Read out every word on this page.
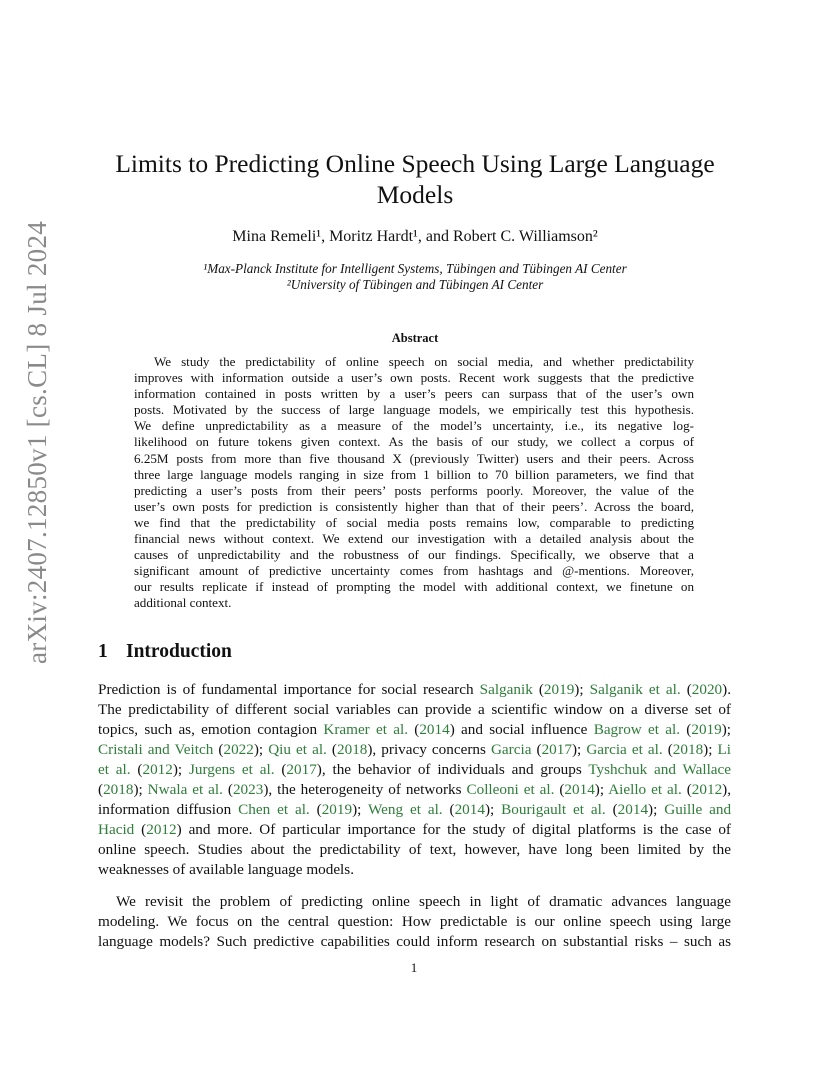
arXiv:2407.12850v1 [cs.CL] 8 Jul 2024
Limits to Predicting Online Speech Using Large Language
Models
Mina Remeli¹, Moritz Hardt¹, and Robert C. Williamson²
¹Max-Planck Institute for Intelligent Systems, Tübingen and Tübingen AI Center
²University of Tübingen and Tübingen AI Center
Abstract
We study the predictability of online speech on social media, and whether predictability
improves with information outside a user’s own posts. Recent work suggests that the predictive
information contained in posts written by a user’s peers can surpass that of the user’s own
posts. Motivated by the success of large language models, we empirically test this hypothesis.
We define unpredictability as a measure of the model’s uncertainty, i.e., its negative log-
likelihood on future tokens given context. As the basis of our study, we collect a corpus of
6.25M posts from more than five thousand X (previously Twitter) users and their peers. Across
three large language models ranging in size from 1 billion to 70 billion parameters, we find that
predicting a user’s posts from their peers’ posts performs poorly. Moreover, the value of the
user’s own posts for prediction is consistently higher than that of their peers’. Across the board,
we find that the predictability of social media posts remains low, comparable to predicting
financial news without context. We extend our investigation with a detailed analysis about the
causes of unpredictability and the robustness of our findings. Specifically, we observe that a
significant amount of predictive uncertainty comes from hashtags and @-mentions. Moreover,
our results replicate if instead of prompting the model with additional context, we finetune on
additional context.
1 Introduction
Prediction is of fundamental importance for social research Salganik (2019); Salganik et al. (2020).
The predictability of different social variables can provide a scientific window on a diverse set of
topics, such as, emotion contagion Kramer et al. (2014) and social influence Bagrow et al. (2019);
Cristali and Veitch (2022); Qiu et al. (2018), privacy concerns Garcia (2017); Garcia et al. (2018); Li
et al. (2012); Jurgens et al. (2017), the behavior of individuals and groups Tyshchuk and Wallace
(2018); Nwala et al. (2023), the heterogeneity of networks Colleoni et al. (2014); Aiello et al. (2012),
information diffusion Chen et al. (2019); Weng et al. (2014); Bourigault et al. (2014); Guille and
Hacid (2012) and more. Of particular importance for the study of digital platforms is the case of
online speech. Studies about the predictability of text, however, have long been limited by the
weaknesses of available language models.
We revisit the problem of predicting online speech in light of dramatic advances language
modeling. We focus on the central question: How predictable is our online speech using large
language models? Such predictive capabilities could inform research on substantial risks – such as
1
